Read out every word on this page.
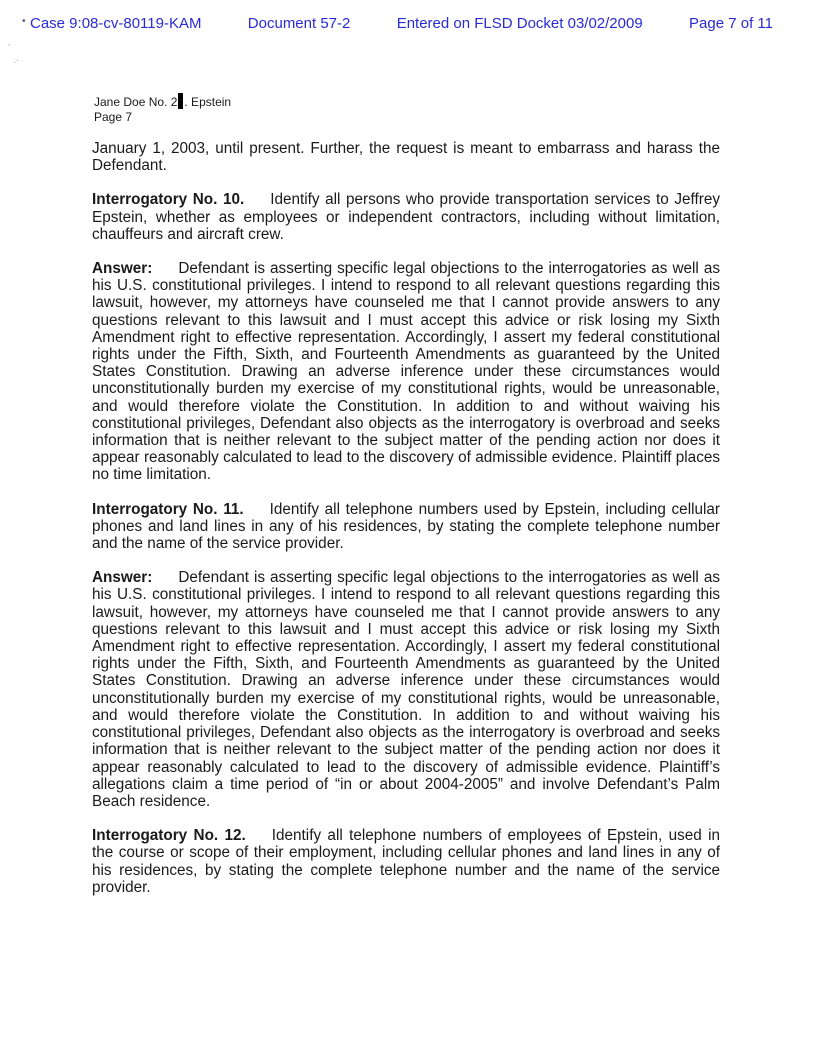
• Case 9:08-cv-80119-KAM	Document 57-2	Entered on FLSD Docket 03/02/2009	Page 7 of 11
,
.·
Jane Doe No. 2 . Epstein
Page 7

January 1, 2003, until present. Further, the request is meant to embarrass and harass the Defendant.

Interrogatory No. 10. Identify all persons who provide transportation services to Jeffrey Epstein, whether as employees or independent contractors, including without limitation, chauffeurs and aircraft crew.

Answer: Defendant is asserting specific legal objections to the interrogatories as well as his U.S. constitutional privileges. I intend to respond to all relevant questions regarding this lawsuit, however, my attorneys have counseled me that I cannot provide answers to any questions relevant to this lawsuit and I must accept this advice or risk losing my Sixth Amendment right to effective representation. Accordingly, I assert my federal constitutional rights under the Fifth, Sixth, and Fourteenth Amendments as guaranteed by the United States Constitution. Drawing an adverse inference under these circumstances would unconstitutionally burden my exercise of my constitutional rights, would be unreasonable, and would therefore violate the Constitution. In addition to and without waiving his constitutional privileges, Defendant also objects as the interrogatory is overbroad and seeks information that is neither relevant to the subject matter of the pending action nor does it appear reasonably calculated to lead to the discovery of admissible evidence. Plaintiff places no time limitation.

Interrogatory No. 11. Identify all telephone numbers used by Epstein, including cellular phones and land lines in any of his residences, by stating the complete telephone number and the name of the service provider.

Answer: Defendant is asserting specific legal objections to the interrogatories as well as his U.S. constitutional privileges. I intend to respond to all relevant questions regarding this lawsuit, however, my attorneys have counseled me that I cannot provide answers to any questions relevant to this lawsuit and I must accept this advice or risk losing my Sixth Amendment right to effective representation. Accordingly, I assert my federal constitutional rights under the Fifth, Sixth, and Fourteenth Amendments as guaranteed by the United States Constitution. Drawing an adverse inference under these circumstances would unconstitutionally burden my exercise of my constitutional rights, would be unreasonable, and would therefore violate the Constitution. In addition to and without waiving his constitutional privileges, Defendant also objects as the interrogatory is overbroad and seeks information that is neither relevant to the subject matter of the pending action nor does it appear reasonably calculated to lead to the discovery of admissible evidence. Plaintiff’s allegations claim a time period of “in or about 2004-2005” and involve Defendant’s Palm Beach residence.

Interrogatory No. 12. Identify all telephone numbers of employees of Epstein, used in the course or scope of their employment, including cellular phones and land lines in any of his residences, by stating the complete telephone number and the name of the service provider.
